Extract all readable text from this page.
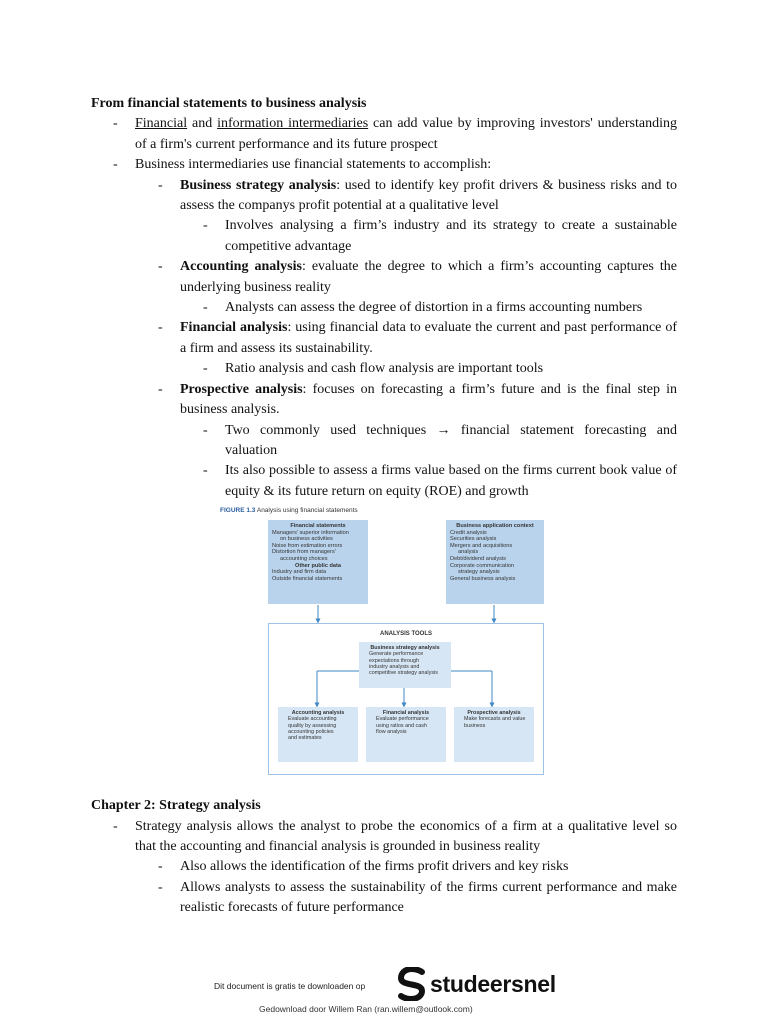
From financial statements to business analysis

- Financial and information intermediaries can add value by improving investors' understanding of a firm's current performance and its future prospect
- Business intermediaries use financial statements to accomplish:
- Business strategy analysis: used to identify key profit drivers & business risks and to assess the companys profit potential at a qualitative level
- Involves analysing a firm’s industry and its strategy to create a sustainable competitive advantage
- Accounting analysis: evaluate the degree to which a firm’s accounting captures the underlying business reality
- Analysts can assess the degree of distortion in a firms accounting numbers
- Financial analysis: using financial data to evaluate the current and past performance of a firm and assess its sustainability.
- Ratio analysis and cash flow analysis are important tools
- Prospective analysis: focuses on forecasting a firm’s future and is the final step in business analysis.
- Two commonly used techniques → financial statement forecasting and valuation
- Its also possible to assess a firms value based on the firms current book value of equity & its future return on equity (ROE) and growth

Chapter 2: Strategy analysis

- Strategy analysis allows the analyst to probe the economics of a firm at a qualitative level so that the accounting and financial analysis is grounded in business reality
- Also allows the identification of the firms profit drivers and key risks
- Allows analysts to assess the sustainability of the firms current performance and make realistic forecasts of future performance
FIGURE 1.3 Analysis using financial statements
Financial statements
Managers’ superior information
on business activities
Noise from estimation errors
Distortion from managers’
accounting choices
Other public data
Industry and firm data
Outside financial statements
Business application context
Credit analysis
Securities analysis
Mergers and acquisitions
analysis
Debt/dividend analysis
Corporate communication
strategy analysis
General business analysis
ANALYSIS TOOLS
Business strategy analysis
Generate performance
expectations through
industry analysis and
competitive strategy analysis
Accounting analysis
Evaluate accounting
quality by assessing
accounting policies
and estimates
Financial analysis
Evaluate performance
using ratios and cash
flow analysis
Prospective analysis
Make forecasts and value
business
Dit document is gratis te downloaden op	studeersnel
Gedownload door Willem Ran (ran.willem@outlook.com)
